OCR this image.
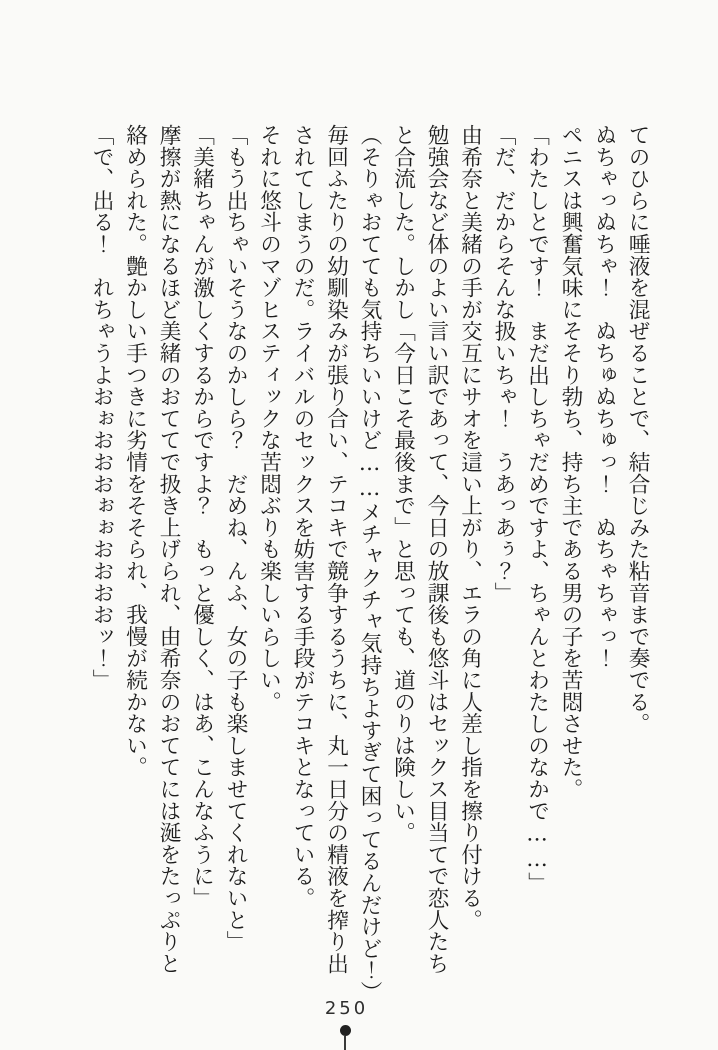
てのひらに唾液を混ぜることで、結合じみた粘音まで奏でる。

ぬちゃっぬちゃ！　ぬちゅぬちゅっ！　ぬちゃちゃっ！

ペニスは興奮気味にそそり勃ち、持ち主である男の子を苦悶させた。

「わたしとです！　まだ出しちゃだめですよ、ちゃんとわたしのなかで……」

「だ、だからそんな扱いちゃ！　うあっあぅ？」

由希奈と美緒の手が交互にサオを這い上がり、エラの角に人差し指を擦り付ける。

勉強会など体のよい言い訳であって、今日の放課後も悠斗はセックス目当てで恋人たち

と合流した。しかし「今日こそ最後まで」と思っても、道のりは険しい。

（そりゃおてても気持ちいいけど……メチャクチャ気持ちよすぎて困ってるんだけど！）

毎回ふたりの幼馴染みが張り合い、テコキで競争するうちに、丸一日分の精液を搾り出

されてしまうのだ。ライバルのセックスを妨害する手段がテコキとなっている。

それに悠斗のマゾヒスティックな苦悶ぶりも楽しいらしい。

「もう出ちゃいそうなのかしら？　だめね、んふ、女の子も楽しませてくれないと」

「美緒ちゃんが激しくするからですよ？　もっと優しく、はあ、こんなふうに」

摩擦が熱になるほど美緒のおててで扱き上げられ、由希奈のおててには涎をたっぷりと

絡められた。艶かしい手つきに劣情をそそられ、我慢が続かない。

「で、出る！　れちゃうよおぉおおおぉぉおおおおッ！」

250
